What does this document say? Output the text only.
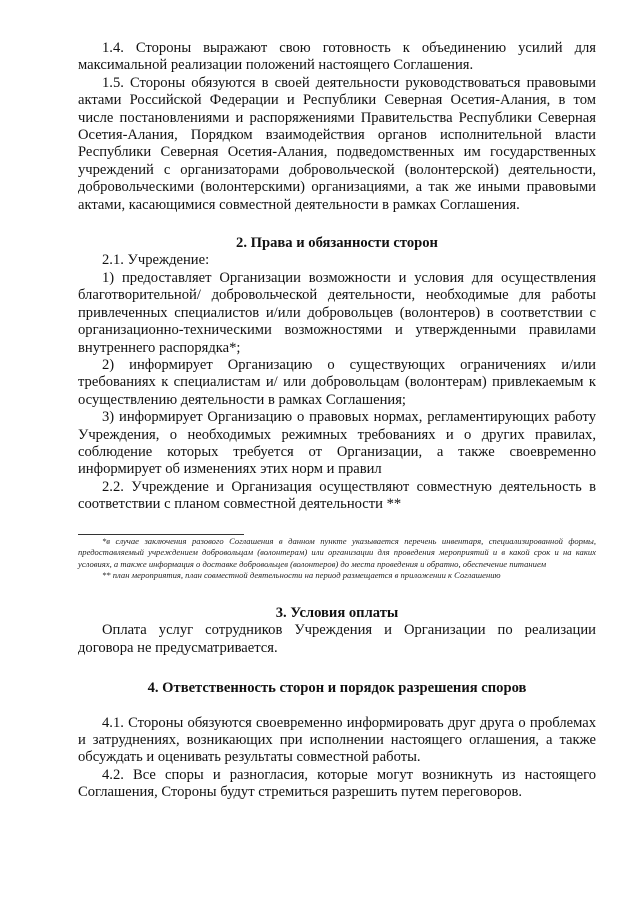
1.4. Стороны выражают свою готовность к объединению усилий для максимальной реализации положений настоящего Соглашения.

1.5. Стороны обязуются в своей деятельности руководствоваться правовыми актами Российской Федерации и Республики Северная Осетия-Алания, в том числе постановлениями и распоряжениями Правительства Республики Северная Осетия-Алания, Порядком взаимодействия органов исполнительной власти Республики Северная Осетия-Алания, подведомственных им государственных учреждений с организаторами добровольческой (волонтерской) деятельности, добровольческими (волонтерскими) организациями, а так же иными правовыми актами, касающимися совместной деятельности в рамках Соглашения.

2. Права и обязанности сторон

2.1. Учреждение:

1) предоставляет Организации возможности и условия для осуществления благотворительной/ добровольческой деятельности, необходимые для работы привлеченных специалистов и/или добровольцев (волонтеров) в соответствии с организационно-техническими возможностями и утвержденными правилами внутреннего распорядка*;

2) информирует Организацию о существующих ограничениях и/или требованиях к специалистам и/ или добровольцам (волонтерам) привлекаемым к осуществлению деятельности в рамках Соглашения;

3) информирует Организацию о правовых нормах, регламентирующих работу Учреждения, о необходимых режимных требованиях и о других правилах, соблюдение которых требуется от Организации, а также своевременно информирует об изменениях этих норм и правил

2.2. Учреждение и Организация осуществляют совместную деятельность в соответствии с планом совместной деятельности **

*в случае заключения разового Соглашения в данном пункте указывается перечень инвентаря, специализированной формы, предоставляемый учреждением добровольцам (волонтерам) или организации для проведения мероприятий и в какой срок и на каких условиях, а также информация о доставке добровольцев (волонтеров) до места проведения и обратно, обеспечение питанием

** план мероприятия, план совместной деятельности на период размещается в приложении к Соглашению

3. Условия оплаты

Оплата услуг сотрудников Учреждения и Организации по реализации договора не предусматривается.

4. Ответственность сторон и порядок разрешения споров

4.1. Стороны обязуются своевременно информировать друг друга о проблемах и затруднениях, возникающих при исполнении настоящего оглашения, а также обсуждать и оценивать результаты совместной работы.

4.2. Все споры и разногласия, которые могут возникнуть из настоящего Соглашения, Стороны будут стремиться разрешить путем переговоров.
